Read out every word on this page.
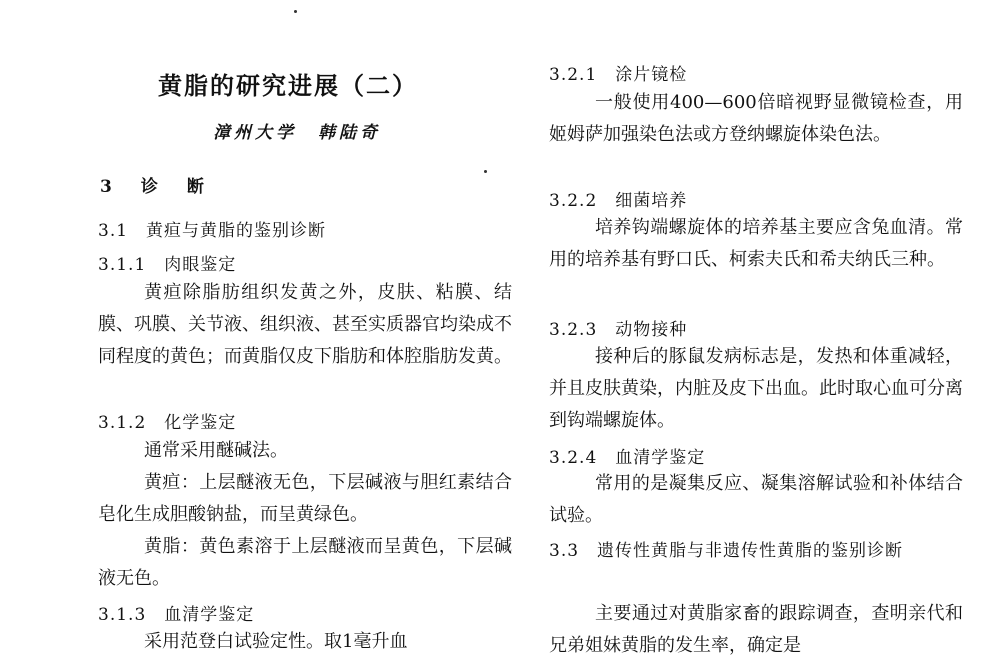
黄脂的研究进展（二）
漳州大学　韩陆奇
3　诊　断
3.1　黄疸与黄脂的鉴别诊断
3.1.1　肉眼鉴定

黄疸除脂肪组织发黄之外，皮肤、粘膜、结膜、巩膜、关节液、组织液、甚至实质器官均染成不同程度的黄色；而黄脂仅皮下脂肪和体腔脂肪发黄。

3.1.2　化学鉴定

通常采用醚碱法。

黄疸：上层醚液无色，下层碱液与胆红素结合皂化生成胆酸钠盐，而呈黄绿色。

黄脂：黄色素溶于上层醚液而呈黄色，下层碱液无色。

3.1.3　血清学鉴定

采用范登白试验定性。取1毫升血

3.2.1　涂片镜检

一般使用400—600倍暗视野显微镜检查，用姬姆萨加强染色法或方登纳螺旋体染色法。

3.2.2　细菌培养

培养钩端螺旋体的培养基主要应含兔血清。常用的培养基有野口氏、柯索夫氏和希夫纳氏三种。

3.2.3　动物接种

接种后的豚鼠发病标志是，发热和体重减轻，并且皮肤黄染，内脏及皮下出血。此时取心血可分离到钩端螺旋体。

3.2.4　血清学鉴定

常用的是凝集反应、凝集溶解试验和补体结合试验。

3.3　遗传性黄脂与非遗传性黄脂的鉴别诊断

主要通过对黄脂家畜的跟踪调查，查明亲代和兄弟姐妹黄脂的发生率，确定是
